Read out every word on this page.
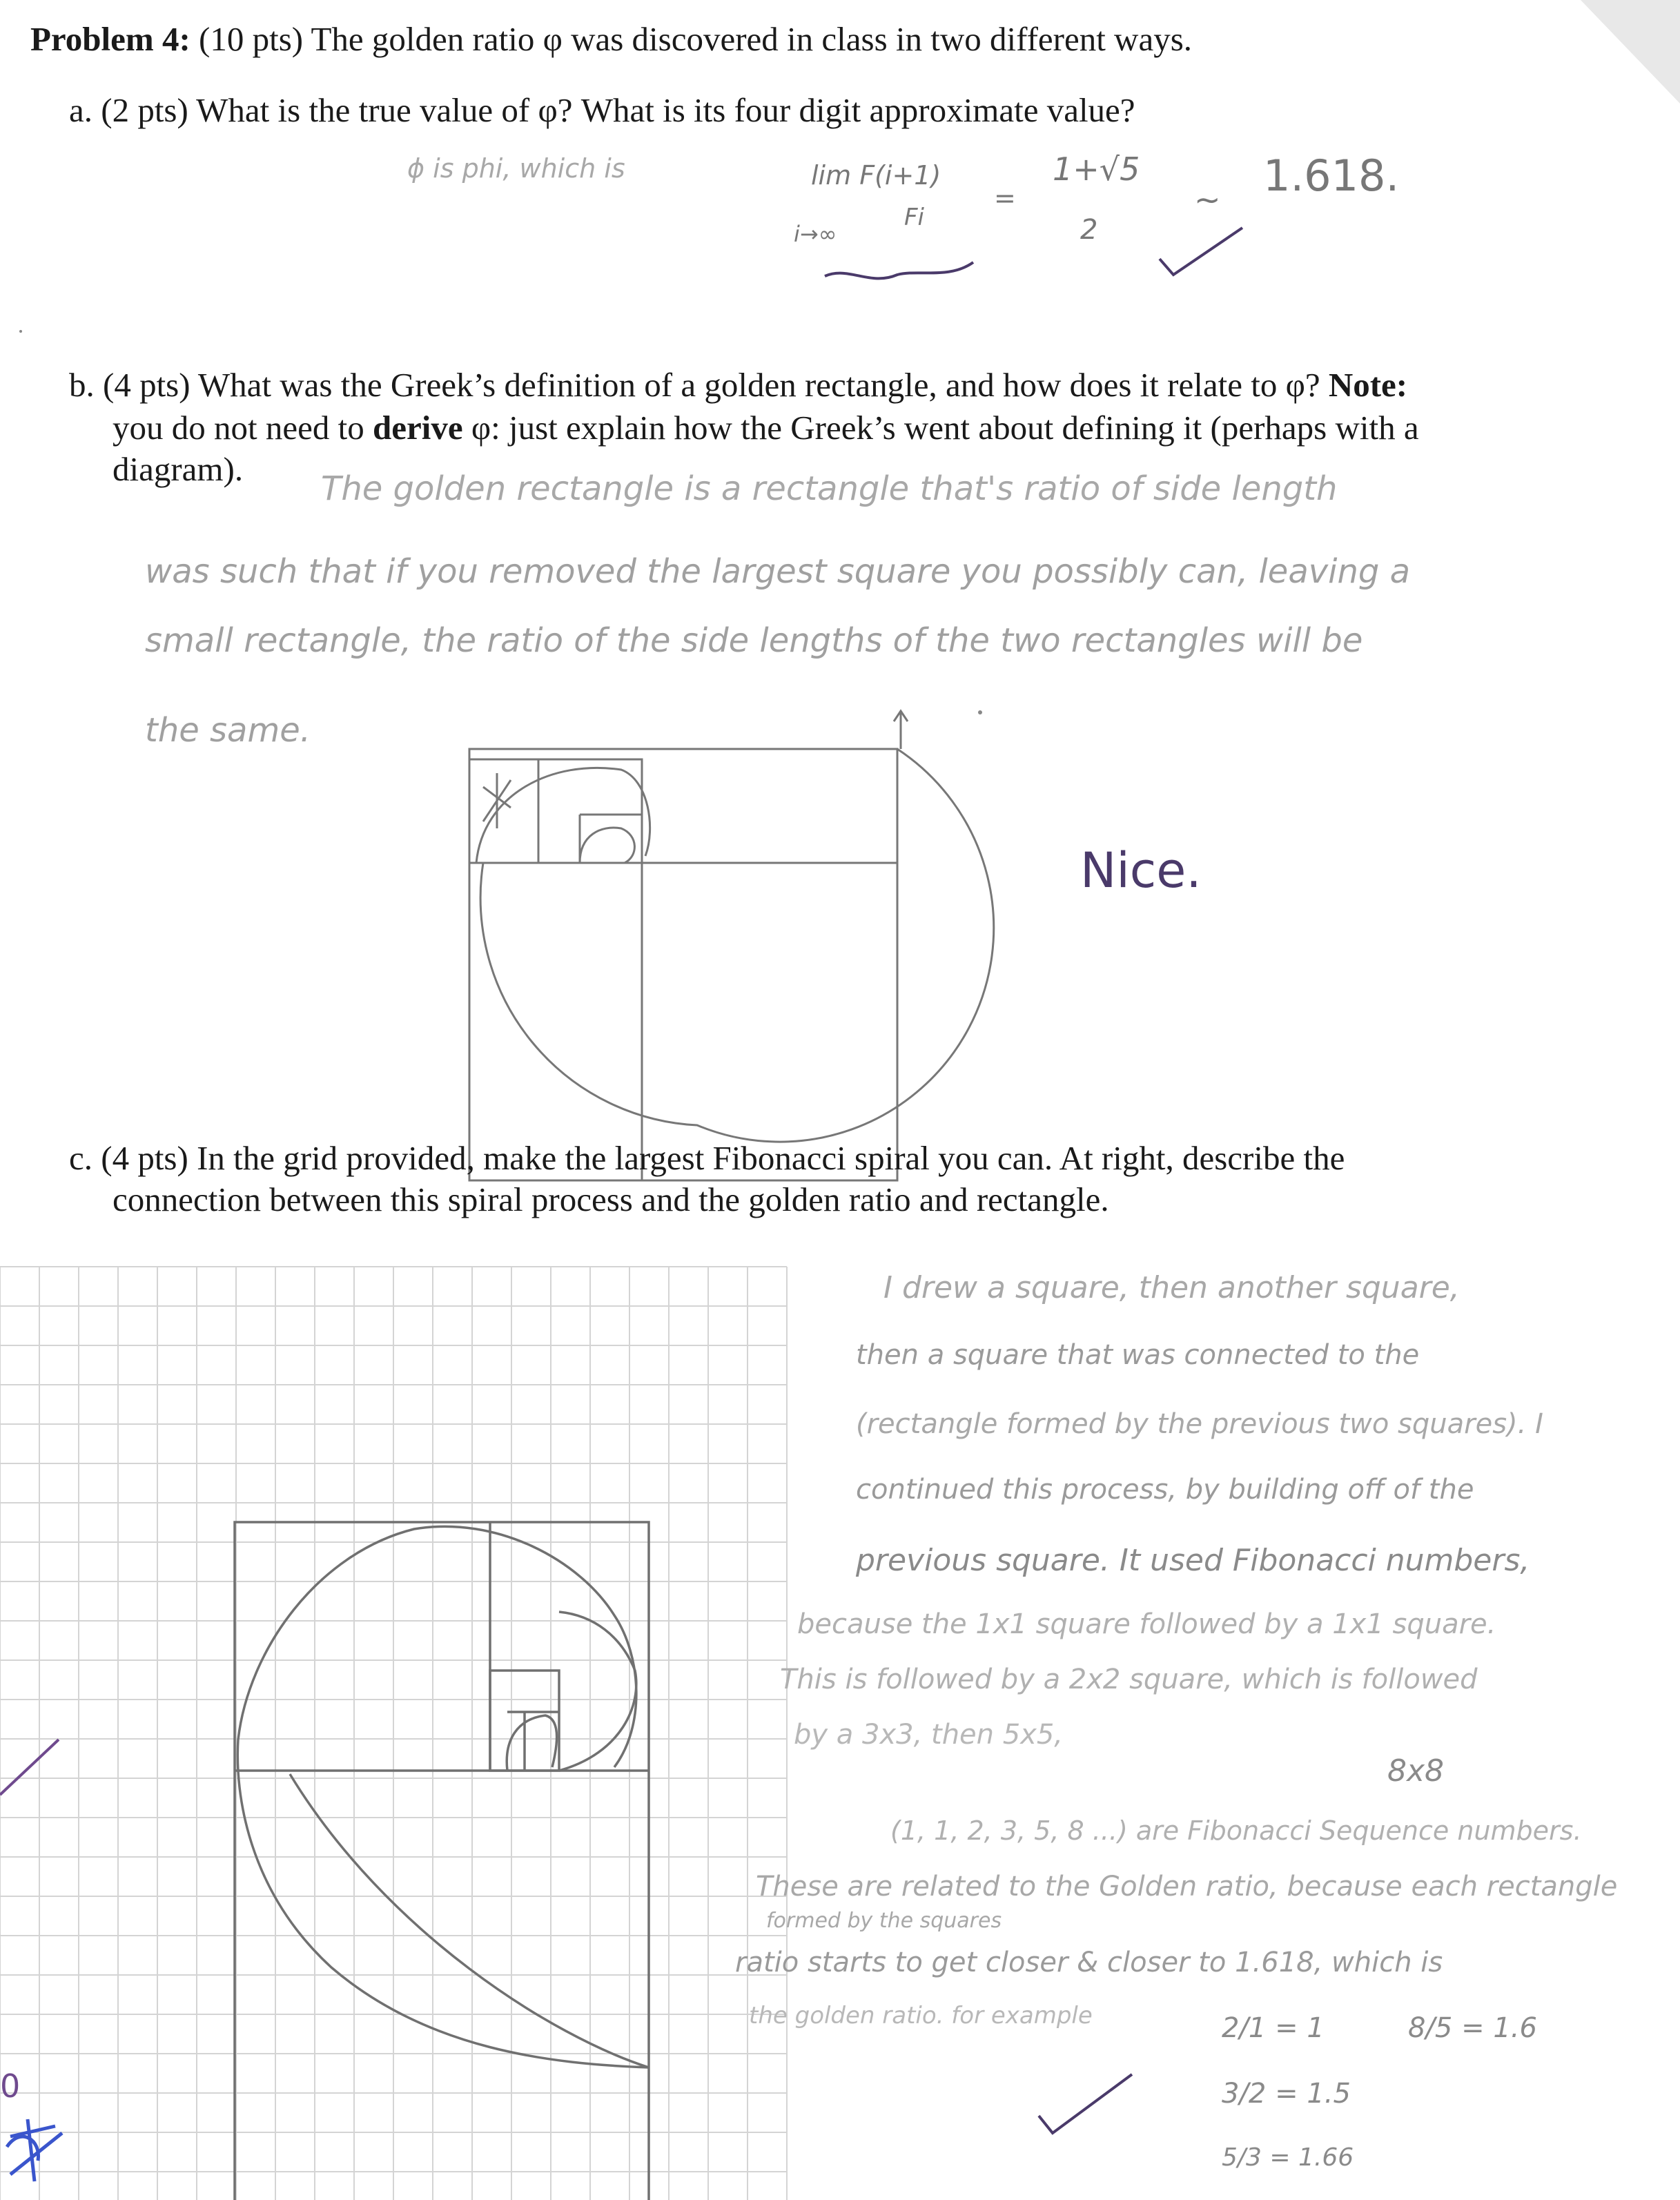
Problem 4: (10 pts) The golden ratio φ was discovered in class in two different ways.
a. (2 pts) What is the true value of φ? What is its four digit approximate value?
ϕ is phi, which is	lim F(i+1)
i→∞
Fi
=
1+√5
2
~ 1.618.
b. (4 pts) What was the Greek’s definition of a golden rectangle, and how does it relate to φ? Note:
you do not need to derive φ: just explain how the Greek’s went about defining it (perhaps with a
diagram).
The golden rectangle is a rectangle that's ratio of side length
was such that if you removed the largest square you possibly can, leaving a
small rectangle, the ratio of the side lengths of the two rectangles will be
the same.
Nice.
c. (4 pts) In the grid provided, make the largest Fibonacci spiral you can. At right, describe the
connection between this spiral process and the golden ratio and rectangle.
I drew a square, then another square,
then a square that was connected to the
(rectangle formed by the previous two squares). I
continued this process, by building off of the
previous square. It used Fibonacci numbers,
because the 1x1 square followed by a 1x1 square.
This is followed by a 2x2 square, which is followed
by a 3x3, then 5x5,
8x8
(1, 1, 2, 3, 5, 8 ...) are Fibonacci Sequence numbers.
These are related to the Golden ratio, because each rectangle
formed by the squares
ratio starts to get closer & closer to 1.618, which is
the golden ratio. for example	2/1 = 1	8/5 = 1.6
3/2 = 1.5
5/3 = 1.66
0
